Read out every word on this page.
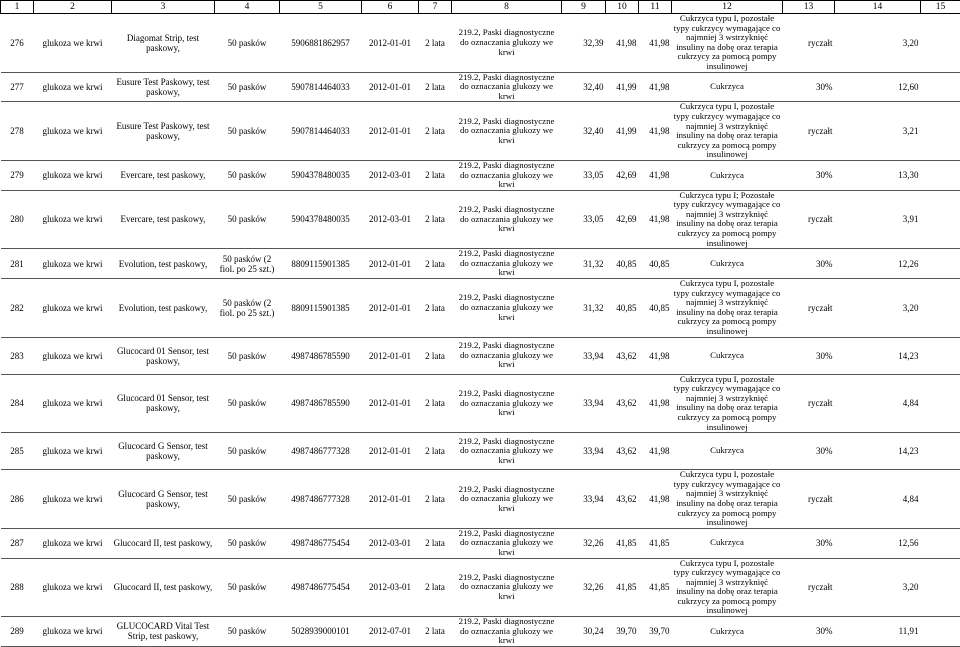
1	2	3	4	5	6	7	8	9	10	11	12	13	14	15
276	glukoza we krwi	Diagomat Strip, test paskowy,	50 pasków	5906881862957	2012-01-01	2 lata	219.2, Paski diagnostyczne do oznaczania glukozy we krwi	32,39	41,98	41,98	Cukrzyca typu I, pozostałe typy cukrzycy wymagające co najmniej 3 wstrzyknięć insuliny na dobę oraz terapia cukrzycy za pomocą pompy insulinowej	ryczałt	3,20	
277	glukoza we krwi	Eusure Test Paskowy, test paskowy,	50 pasków	5907814464033	2012-01-01	2 lata	219.2, Paski diagnostyczne do oznaczania glukozy we krwi	32,40	41,99	41,98	Cukrzyca	30%	12,60	
278	glukoza we krwi	Eusure Test Paskowy, test paskowy,	50 pasków	5907814464033	2012-01-01	2 lata	219.2, Paski diagnostyczne do oznaczania glukozy we krwi	32,40	41,99	41,98	Cukrzyca typu I, pozostałe typy cukrzycy wymagające co najmniej 3 wstrzyknięć insuliny na dobę oraz terapia cukrzycy za pomocą pompy insulinowej	ryczałt	3,21	
279	glukoza we krwi	Evercare, test paskowy,	50 pasków	5904378480035	2012-03-01	2 lata	219.2, Paski diagnostyczne do oznaczania glukozy we krwi	33,05	42,69	41,98	Cukrzyca	30%	13,30	
280	glukoza we krwi	Evercare, test paskowy,	50 pasków	5904378480035	2012-03-01	2 lata	219.2, Paski diagnostyczne do oznaczania glukozy we krwi	33,05	42,69	41,98	Cukrzyca typu I; Pozostałe typy cukrzycy wymagające co najmniej 3 wstrzyknięć insuliny na dobę oraz terapia cukrzycy za pomocą pompy insulinowej	ryczałt	3,91	
281	glukoza we krwi	Evolution, test paskowy,	50 pasków (2 fiol. po 25 szt.)	8809115901385	2012-01-01	2 lata	219.2, Paski diagnostyczne do oznaczania glukozy we krwi	31,32	40,85	40,85	Cukrzyca	30%	12,26	
282	glukoza we krwi	Evolution, test paskowy,	50 pasków (2 fiol. po 25 szt.)	8809115901385	2012-01-01	2 lata	219.2, Paski diagnostyczne do oznaczania glukozy we krwi	31,32	40,85	40,85	Cukrzyca typu I, pozostałe typy cukrzycy wymagające co najmniej 3 wstrzyknięć insuliny na dobę oraz terapia cukrzycy za pomocą pompy insulinowej	ryczałt	3,20	
283	glukoza we krwi	Glucocard 01 Sensor, test paskowy,	50 pasków	4987486785590	2012-01-01	2 lata	219.2, Paski diagnostyczne do oznaczania glukozy we krwi	33,94	43,62	41,98	Cukrzyca	30%	14,23	
284	glukoza we krwi	Glucocard 01 Sensor, test paskowy,	50 pasków	4987486785590	2012-01-01	2 lata	219.2, Paski diagnostyczne do oznaczania glukozy we krwi	33,94	43,62	41,98	Cukrzyca typu I, pozostałe typy cukrzycy wymagające co najmniej 3 wstrzyknięć insuliny na dobę oraz terapia cukrzycy za pomocą pompy insulinowej	ryczałt	4,84	
285	glukoza we krwi	Glucocard G Sensor, test paskowy,	50 pasków	4987486777328	2012-01-01	2 lata	219.2, Paski diagnostyczne do oznaczania glukozy we krwi	33,94	43,62	41,98	Cukrzyca	30%	14,23	
286	glukoza we krwi	Glucocard G Sensor, test paskowy,	50 pasków	4987486777328	2012-01-01	2 lata	219.2, Paski diagnostyczne do oznaczania glukozy we krwi	33,94	43,62	41,98	Cukrzyca typu I, pozostałe typy cukrzycy wymagające co najmniej 3 wstrzyknięć insuliny na dobę oraz terapia cukrzycy za pomocą pompy insulinowej	ryczałt	4,84	
287	glukoza we krwi	Glucocard II, test paskowy,	50 pasków	4987486775454	2012-03-01	2 lata	219.2, Paski diagnostyczne do oznaczania glukozy we krwi	32,26	41,85	41,85	Cukrzyca	30%	12,56	
288	glukoza we krwi	Glucocard II, test paskowy,	50 pasków	4987486775454	2012-03-01	2 lata	219.2, Paski diagnostyczne do oznaczania glukozy we krwi	32,26	41,85	41,85	Cukrzyca typu I, pozostałe typy cukrzycy wymagające co najmniej 3 wstrzyknięć insuliny na dobę oraz terapia cukrzycy za pomocą pompy insulinowej	ryczałt	3,20	
289	glukoza we krwi	GLUCOCARD Vital Test Strip, test paskowy,	50 pasków	5028939000101	2012-07-01	2 lata	219.2, Paski diagnostyczne do oznaczania glukozy we krwi	30,24	39,70	39,70	Cukrzyca	30%	11,91	
